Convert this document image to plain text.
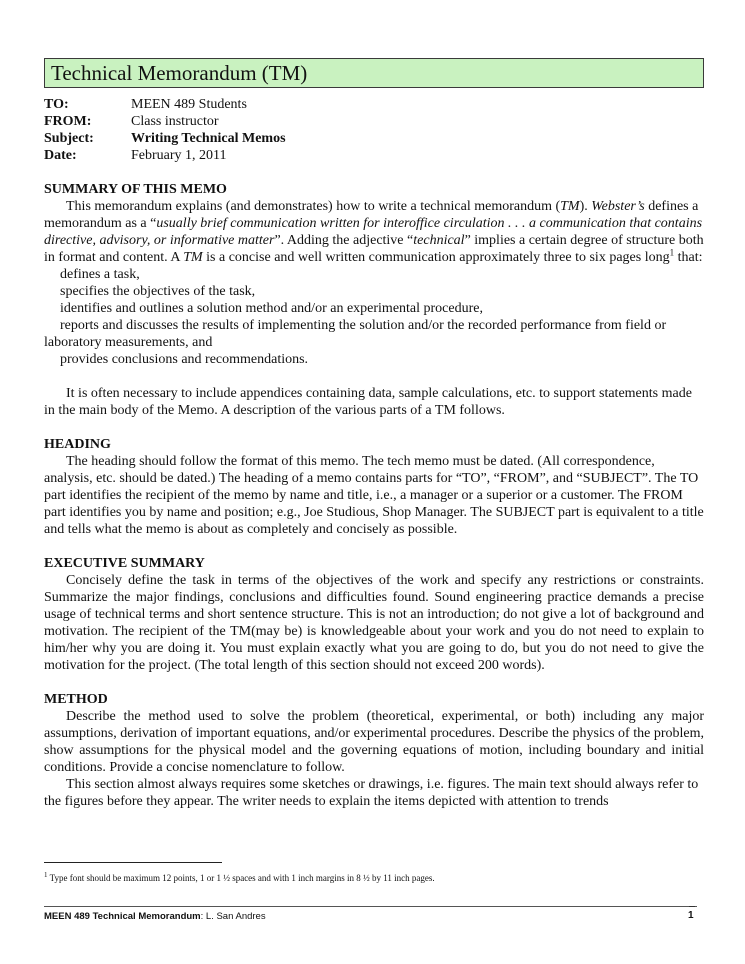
Technical Memorandum (TM)
TO:	MEEN 489 Students
FROM:	Class instructor
Subject:	Writing Technical Memos
Date:	February 1, 2011
SUMMARY OF THIS MEMO

This memorandum explains (and demonstrates) how to write a technical memorandum (TM). Webster’s defines a memorandum as a “usually brief communication written for interoffice circulation . . . a communication that contains directive, advisory, or informative matter”. Adding the adjective “technical” implies a certain degree of structure both in format and content. A TM is a concise and well written communication approximately three to six pages long$^1$ that:

defines a task,
specifies the objectives of the task,
identifies and outlines a solution method and/or an experimental procedure,
reports and discusses the results of implementing the solution and/or the recorded performance from field or laboratory measurements, and
provides conclusions and recommendations.

It is often necessary to include appendices containing data, sample calculations, etc. to support statements made in the main body of the Memo. A description of the various parts of a TM follows.

HEADING

The heading should follow the format of this memo. The tech memo must be dated. (All correspondence, analysis, etc. should be dated.) The heading of a memo contains parts for “TO”, “FROM”, and “SUBJECT”. The TO part identifies the recipient of the memo by name and title, i.e., a manager or a superior or a customer. The FROM part identifies you by name and position; e.g., Joe Studious, Shop Manager. The SUBJECT part is equivalent to a title and tells what the memo is about as completely and concisely as possible.

EXECUTIVE SUMMARY

Concisely define the task in terms of the objectives of the work and specify any restrictions or constraints. Summarize the major findings, conclusions and difficulties found. Sound engineering practice demands a precise usage of technical terms and short sentence structure. This is not an introduction; do not give a lot of background and motivation. The recipient of the TM(may be) is knowledgeable about your work and you do not need to explain to him/her why you are doing it. You must explain exactly what you are going to do, but you do not need to give the motivation for the project. (The total length of this section should not exceed 200 words).

METHOD

Describe the method used to solve the problem (theoretical, experimental, or both) including any major assumptions, derivation of important equations, and/or experimental procedures. Describe the physics of the problem, show assumptions for the physical model and the governing equations of motion, including boundary and initial conditions. Provide a concise nomenclature to follow.

This section almost always requires some sketches or drawings, i.e. figures. The main text should always refer to the figures before they appear. The writer needs to explain the items depicted with attention to trends

$^1$ Type font should be maximum 12 points, 1 or 1 ½ spaces and with 1 inch margins in 8 ½ by 11 inch pages.
MEEN 489 Technical Memorandum: L. San Andres	1
